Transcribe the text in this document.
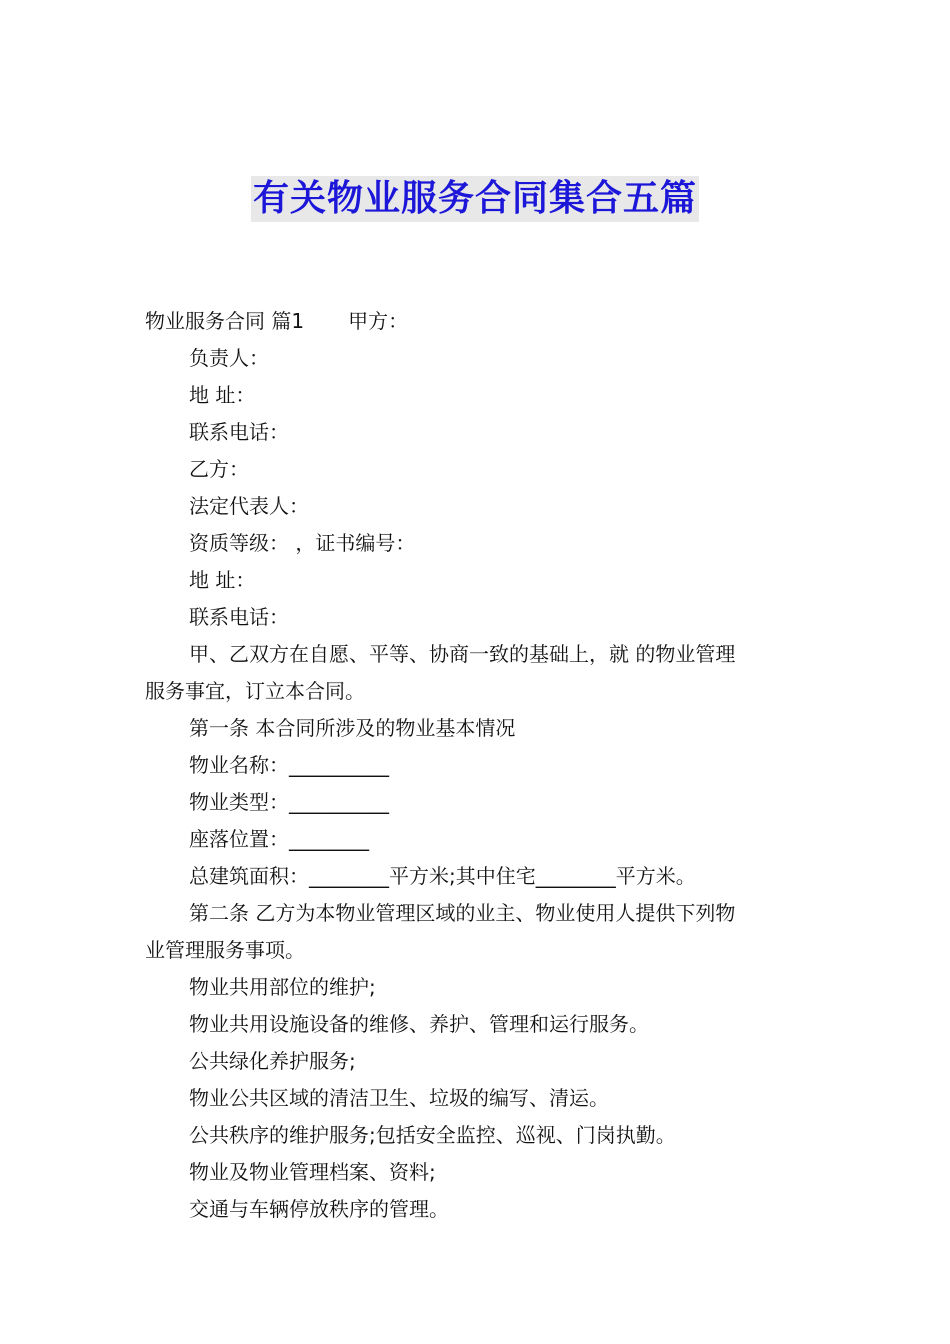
有关物业服务合同集合五篇

物业服务合同 篇1 甲方：

负责人：

地 址：

联系电话：

乙方：

法定代表人：

资质等级： ，证书编号：

地 址：

联系电话：

甲、乙双方在自愿、平等、协商一致的基础上，就 的物业管理

服务事宜，订立本合同。

第一条 本合同所涉及的物业基本情况

物业名称：__________

物业类型：__________

座落位置：________

总建筑面积：________平方米;其中住宅________平方米。

第二条 乙方为本物业管理区域的业主、物业使用人提供下列物

业管理服务事项。

物业共用部位的维护;

物业共用设施设备的维修、养护、管理和运行服务。

公共绿化养护服务;

物业公共区域的清洁卫生、垃圾的编写、清运。

公共秩序的维护服务;包括安全监控、巡视、门岗执勤。

物业及物业管理档案、资料;

交通与车辆停放秩序的管理。
